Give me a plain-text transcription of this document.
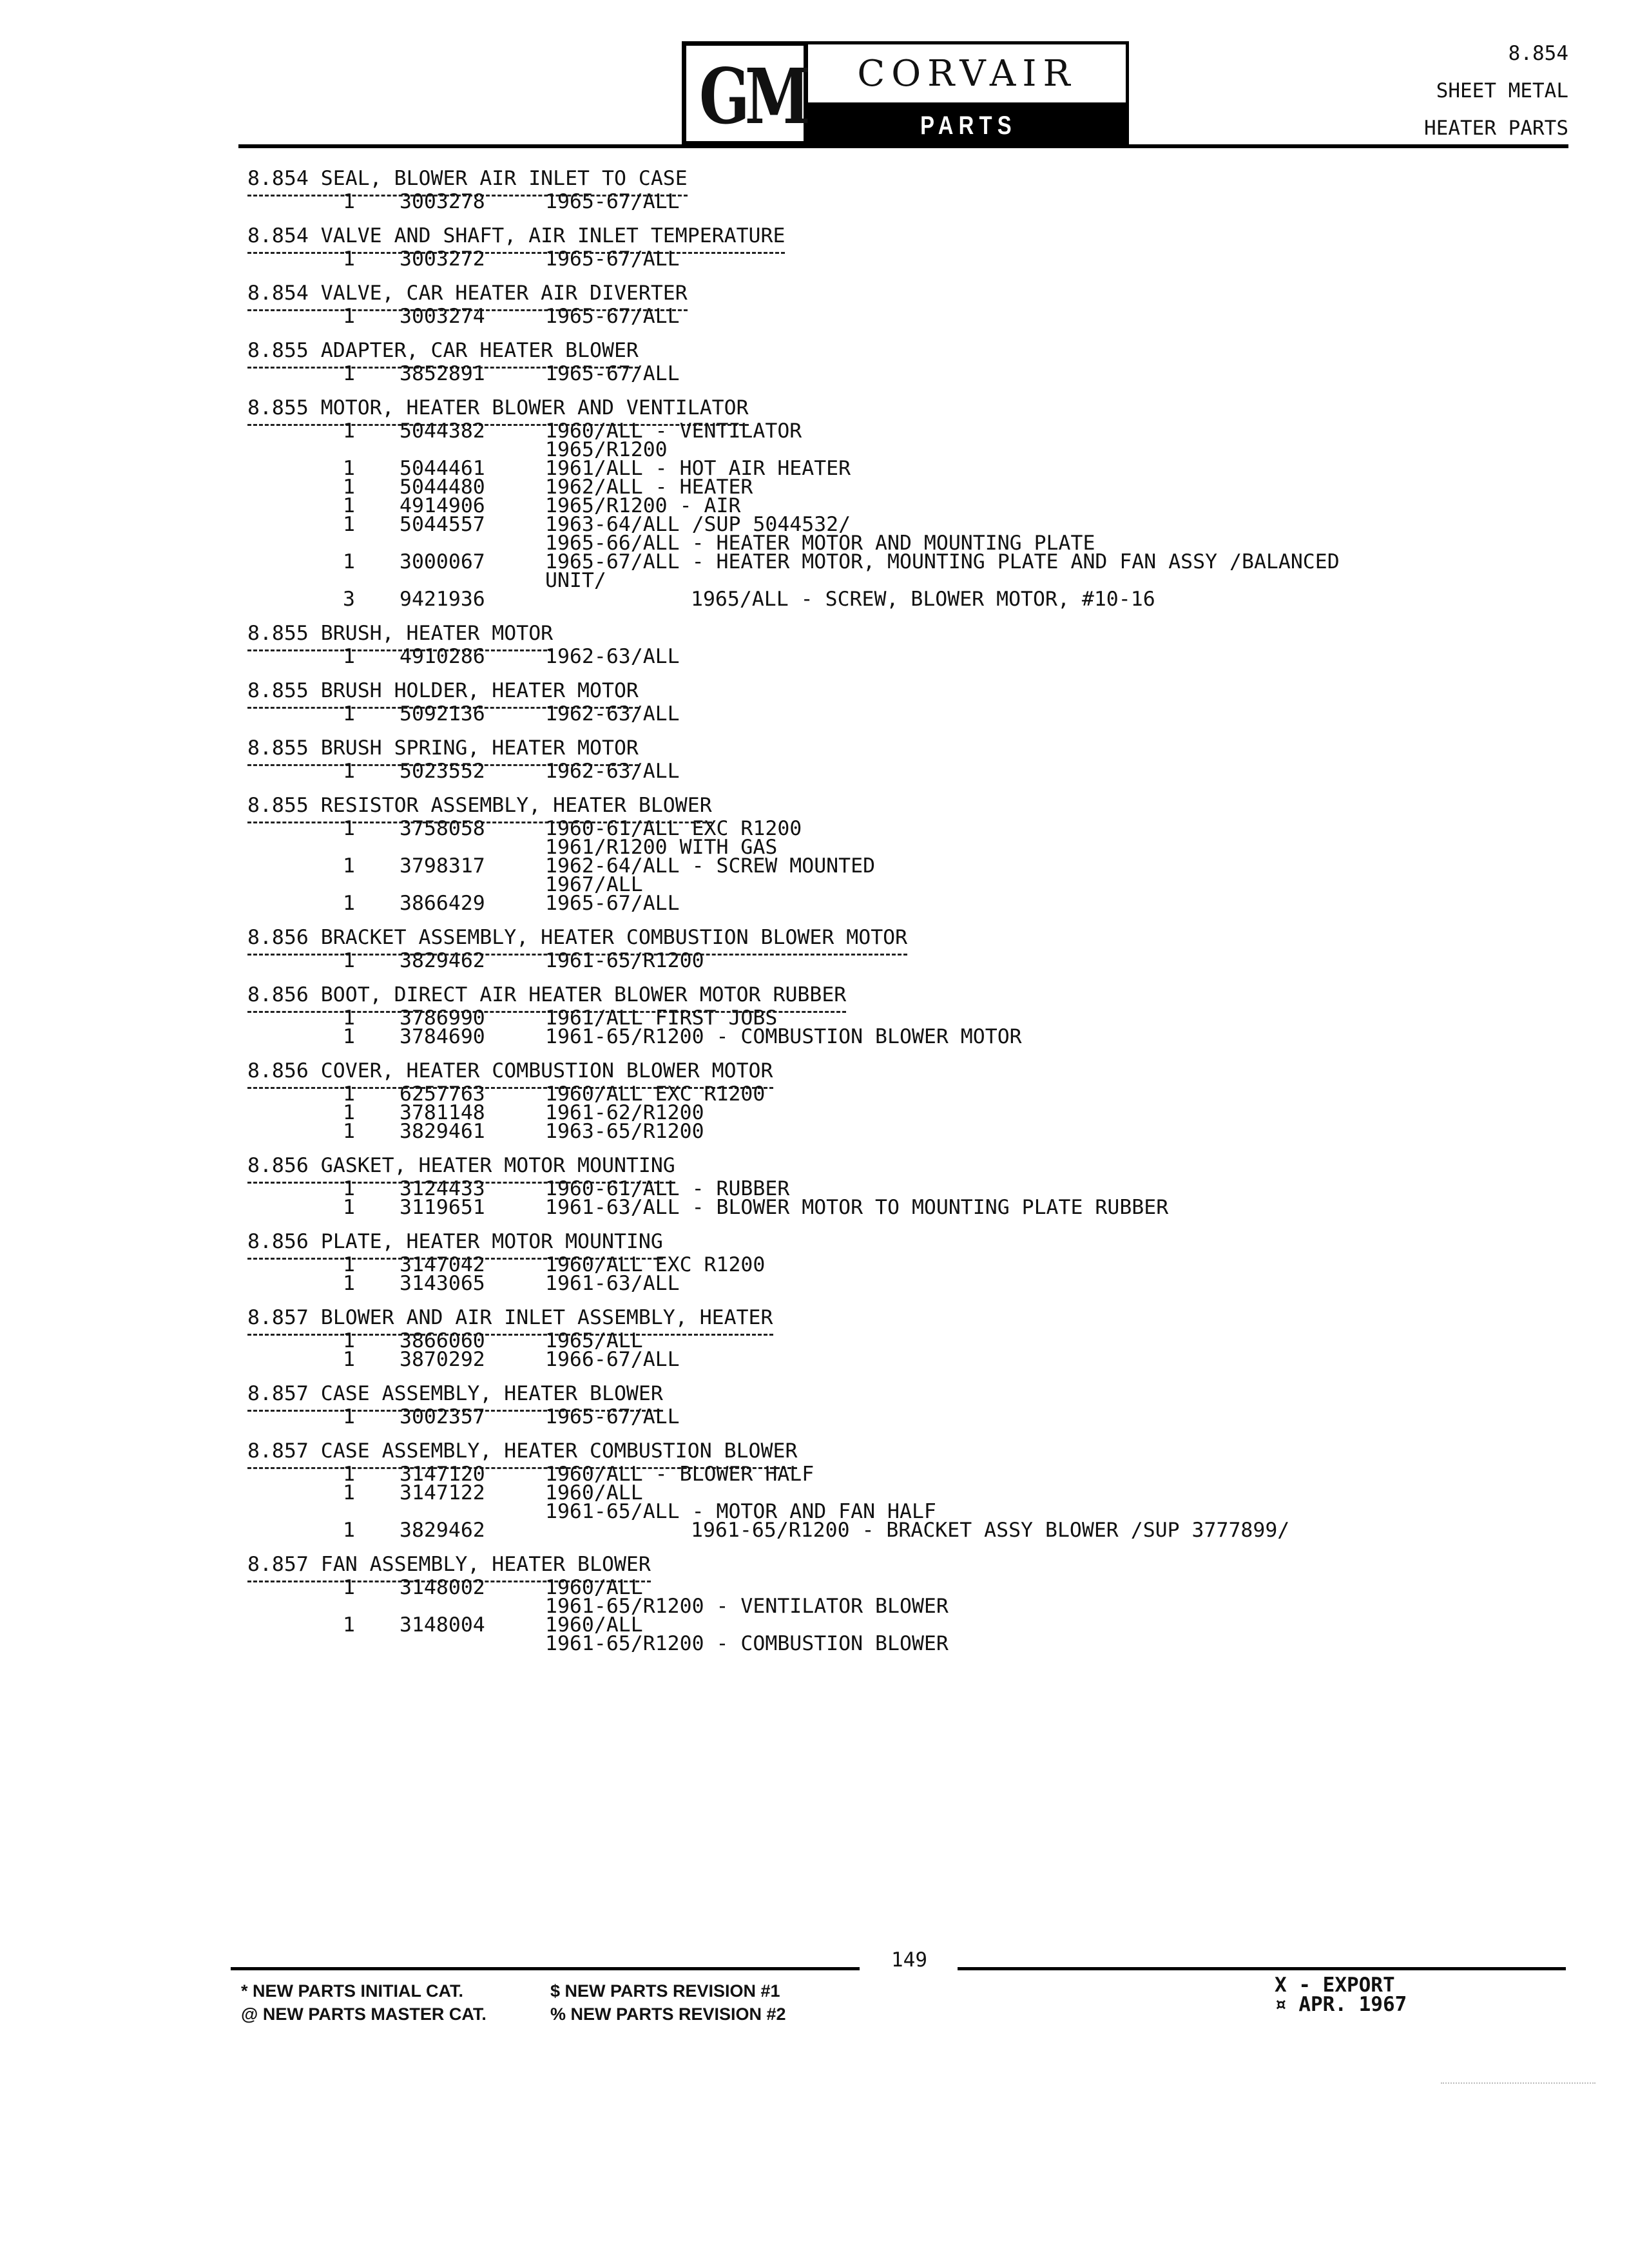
GM	CORVAIR
PARTS CATALOGUE
8.854
SHEET METAL
HEATER PARTS
8.854 SEAL, BLOWER AIR INLET TO CASE
1 3003278	1965-67/ALL
8.854 VALVE AND SHAFT, AIR INLET TEMPERATURE
1 3003272	1965-67/ALL
8.854 VALVE, CAR HEATER AIR DIVERTER
1 3003274	1965-67/ALL
8.855 ADAPTER, CAR HEATER BLOWER
1 3852891	1965-67/ALL
8.855 MOTOR, HEATER BLOWER AND VENTILATOR
1 5044382	1960/ALL - VENTILATOR
1965/R1200
1 5044461	1961/ALL - HOT AIR HEATER
1 5044480	1962/ALL - HEATER
1 4914906	1965/R1200 - AIR
1 5044557	1963-64/ALL /SUP 5044532/
1965-66/ALL - HEATER MOTOR AND MOUNTING PLATE
1 3000067	1965-67/ALL - HEATER MOTOR, MOUNTING PLATE AND FAN ASSY /BALANCED
UNIT/
3 9421936	1965/ALL - SCREW, BLOWER MOTOR, #10-16
8.855 BRUSH, HEATER MOTOR
1 4910286	1962-63/ALL
8.855 BRUSH HOLDER, HEATER MOTOR
1 5092136	1962-63/ALL
8.855 BRUSH SPRING, HEATER MOTOR
1 5023552	1962-63/ALL
8.855 RESISTOR ASSEMBLY, HEATER BLOWER
1 3758058	1960-61/ALL EXC R1200
1961/R1200 WITH GAS
1 3798317	1962-64/ALL - SCREW MOUNTED
1967/ALL
1 3866429	1965-67/ALL
8.856 BRACKET ASSEMBLY, HEATER COMBUSTION BLOWER MOTOR
1 3829462	1961-65/R1200
8.856 BOOT, DIRECT AIR HEATER BLOWER MOTOR RUBBER
1 3786990	1961/ALL FIRST JOBS
1 3784690	1961-65/R1200 - COMBUSTION BLOWER MOTOR
8.856 COVER, HEATER COMBUSTION BLOWER MOTOR
1 6257763	1960/ALL EXC R1200
1 3781148	1961-62/R1200
1 3829461	1963-65/R1200
8.856 GASKET, HEATER MOTOR MOUNTING
1 3124433	1960-61/ALL - RUBBER
1 3119651	1961-63/ALL - BLOWER MOTOR TO MOUNTING PLATE RUBBER
8.856 PLATE, HEATER MOTOR MOUNTING
1 3147042	1960/ALL EXC R1200
1 3143065	1961-63/ALL
8.857 BLOWER AND AIR INLET ASSEMBLY, HEATER
1 3866060	1965/ALL
1 3870292	1966-67/ALL
8.857 CASE ASSEMBLY, HEATER BLOWER
1 3002357	1965-67/ALL
8.857 CASE ASSEMBLY, HEATER COMBUSTION BLOWER
1 3147120	1960/ALL - BLOWER HALF
1 3147122	1960/ALL
1961-65/ALL - MOTOR AND FAN HALF
1 3829462	1961-65/R1200 - BRACKET ASSY BLOWER /SUP 3777899/
8.857 FAN ASSEMBLY, HEATER BLOWER
1 3148002	1960/ALL
1961-65/R1200 - VENTILATOR BLOWER
1 3148004	1960/ALL
1961-65/R1200 - COMBUSTION BLOWER
149
* NEW PARTS INITIAL CAT.
@ NEW PARTS MASTER CAT.
$ NEW PARTS REVISION #1
% NEW PARTS REVISION #2
X - EXPORT
¤ APR. 1967
